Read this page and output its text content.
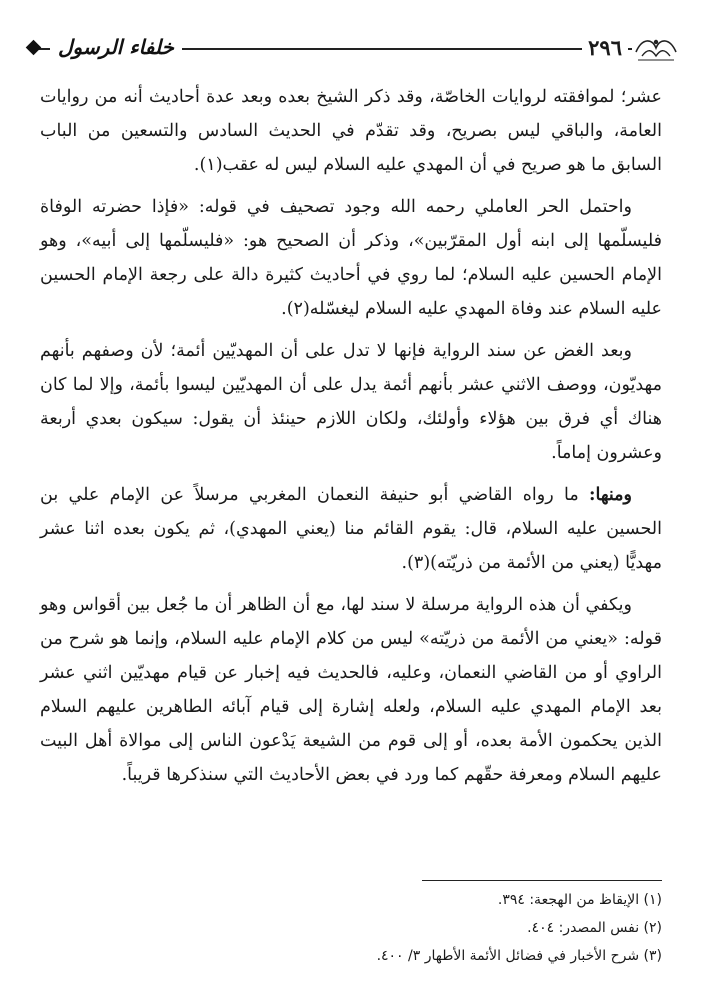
خلفاء الرسول	٢٩٦

عشر؛ لموافقته لروايات الخاصّة، وقد ذكر الشيخ بعده وبعد عدة أحاديث أنه من روايات العامة، والباقي ليس بصريح، وقد تقدّم في الحديث السادس والتسعين من الباب السابق ما هو صريح في أن المهدي عليه السلام ليس له عقب(١).

واحتمل الحر العاملي رحمه الله وجود تصحيف في قوله: «فإذا حضرته الوفاة فليسلّمها إلى ابنه أول المقرّبين»، وذكر أن الصحيح هو: «فليسلّمها إلى أبيه»، وهو الإمام الحسين عليه السلام؛ لما روي في أحاديث كثيرة دالة على رجعة الإمام الحسين عليه السلام عند وفاة المهدي عليه السلام ليغسّله(٢).

وبعد الغض عن سند الرواية فإنها لا تدل على أن المهديّين أئمة؛ لأن وصفهم بأنهم مهديّون، ووصف الاثني عشر بأنهم أئمة يدل على أن المهديّين ليسوا بأئمة، وإلا لما كان هناك أي فرق بين هؤلاء وأولئك، ولكان اللازم حينئذ أن يقول: سيكون بعدي أربعة وعشرون إماماً.

ومنها: ما رواه القاضي أبو حنيفة النعمان المغربي مرسلاً عن الإمام علي بن الحسين عليه السلام، قال: يقوم القائم منا (يعني المهدي)، ثم يكون بعده اثنا عشر مهديًّا (يعني من الأئمة من ذريّته)(٣).

ويكفي أن هذه الرواية مرسلة لا سند لها، مع أن الظاهر أن ما جُعل بين أقواس وهو قوله: «يعني من الأئمة من ذريّته» ليس من كلام الإمام عليه السلام، وإنما هو شرح من الراوي أو من القاضي النعمان، وعليه، فالحديث فيه إخبار عن قيام مهديّين اثني عشر بعد الإمام المهدي عليه السلام، ولعله إشارة إلى قيام آبائه الطاهرين عليهم السلام الذين يحكمون الأمة بعده، أو إلى قوم من الشيعة يَدْعون الناس إلى موالاة أهل البيت عليهم السلام ومعرفة حقّهم كما ورد في بعض الأحاديث التي سنذكرها قريباً.

(١) الإيقاظ من الهجعة: ٣٩٤.
(٢) نفس المصدر: ٤٠٤.
(٣) شرح الأخبار في فضائل الأئمة الأطهار ٣/ ٤٠٠.
